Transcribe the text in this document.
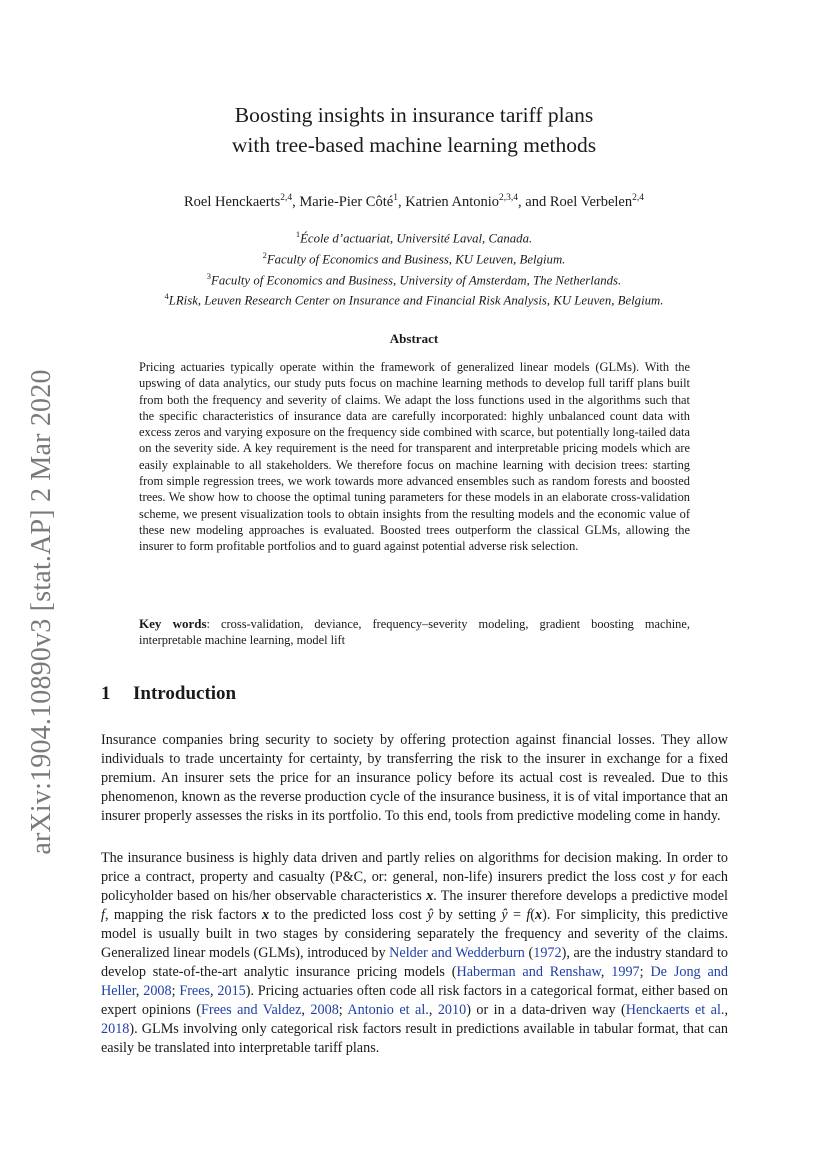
arXiv:1904.10890v3 [stat.AP] 2 Mar 2020
Boosting insights in insurance tariff plans
with tree-based machine learning methods
Roel Henckaerts$^{2,4}$, Marie-Pier Côté$^1$, Katrien Antonio$^{2,3,4}$, and Roel Verbelen$^{2,4}$
$^1$École d’actuariat, Université Laval, Canada.
$^2$Faculty of Economics and Business, KU Leuven, Belgium.
$^3$Faculty of Economics and Business, University of Amsterdam, The Netherlands.
$^4$LRisk, Leuven Research Center on Insurance and Financial Risk Analysis, KU Leuven, Belgium.
Abstract
Pricing actuaries typically operate within the framework of generalized linear models (GLMs). With the upswing of data analytics, our study puts focus on machine learning methods to develop full tariff plans built from both the frequency and severity of claims. We adapt the loss functions used in the algorithms such that the specific characteristics of insurance data are carefully incorporated: highly unbalanced count data with excess zeros and varying exposure on the frequency side combined with scarce, but potentially long-tailed data on the severity side. A key requirement is the need for transparent and interpretable pricing models which are easily explainable to all stakeholders. We therefore focus on machine learning with decision trees: starting from simple regression trees, we work towards more advanced ensembles such as random forests and boosted trees. We show how to choose the optimal tuning parameters for these models in an elaborate cross-validation scheme, we present visualization tools to obtain insights from the resulting models and the economic value of these new modeling approaches is evaluated. Boosted trees outperform the classical GLMs, allowing the insurer to form profitable portfolios and to guard against potential adverse risk selection.
Key words: cross-validation, deviance, frequency–severity modeling, gradient boosting machine, interpretable machine learning, model lift
1 Introduction
Insurance companies bring security to society by offering protection against financial losses. They allow individuals to trade uncertainty for certainty, by transferring the risk to the insurer in exchange for a fixed premium. An insurer sets the price for an insurance policy before its actual cost is revealed. Due to this phenomenon, known as the reverse production cycle of the insurance business, it is of vital importance that an insurer properly assesses the risks in its portfolio. To this end, tools from predictive modeling come in handy.
The insurance business is highly data driven and partly relies on algorithms for decision making. In order to price a contract, property and casualty (P&C, or: general, non-life) insurers predict the loss cost y for each policyholder based on his/her observable characteristics x. The insurer therefore develops a predictive model f, mapping the risk factors x to the predicted loss cost ŷ by setting ŷ = f(x). For simplicity, this predictive model is usually built in two stages by considering separately the frequency and severity of the claims. Generalized linear models (GLMs), introduced by Nelder and Wedderburn (1972), are the industry standard to develop state-of-the-art analytic insurance pricing models (Haberman and Renshaw, 1997; De Jong and Heller, 2008; Frees, 2015). Pricing actuaries often code all risk factors in a categorical format, either based on expert opinions (Frees and Valdez, 2008; Antonio et al., 2010) or in a data-driven way (Henckaerts et al., 2018). GLMs involving only categorical risk factors result in predictions available in tabular format, that can easily be translated into interpretable tariff plans.
